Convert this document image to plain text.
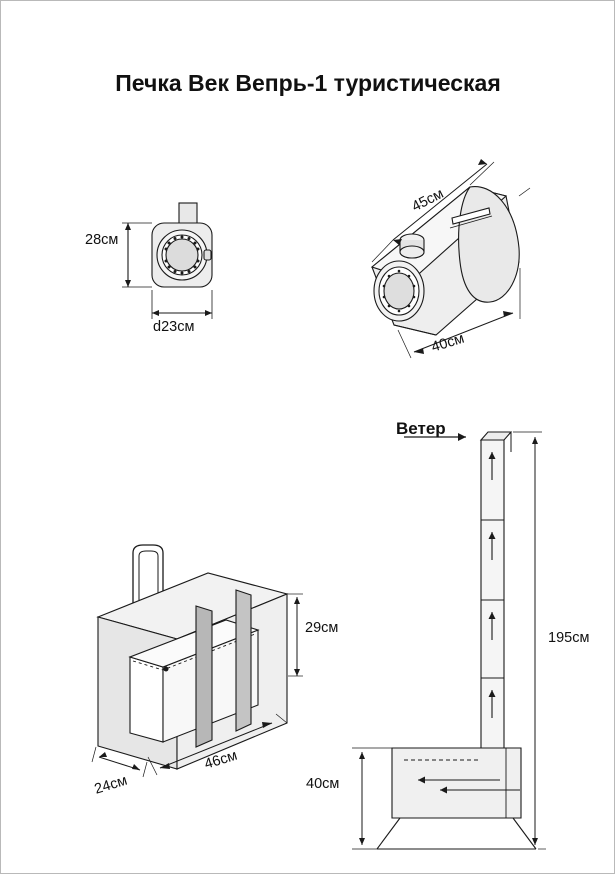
Печка Век Вепрь-1 туристическая
28см
d23см
45см
40см
29см
46см
24см
Ветер
195см
40см
